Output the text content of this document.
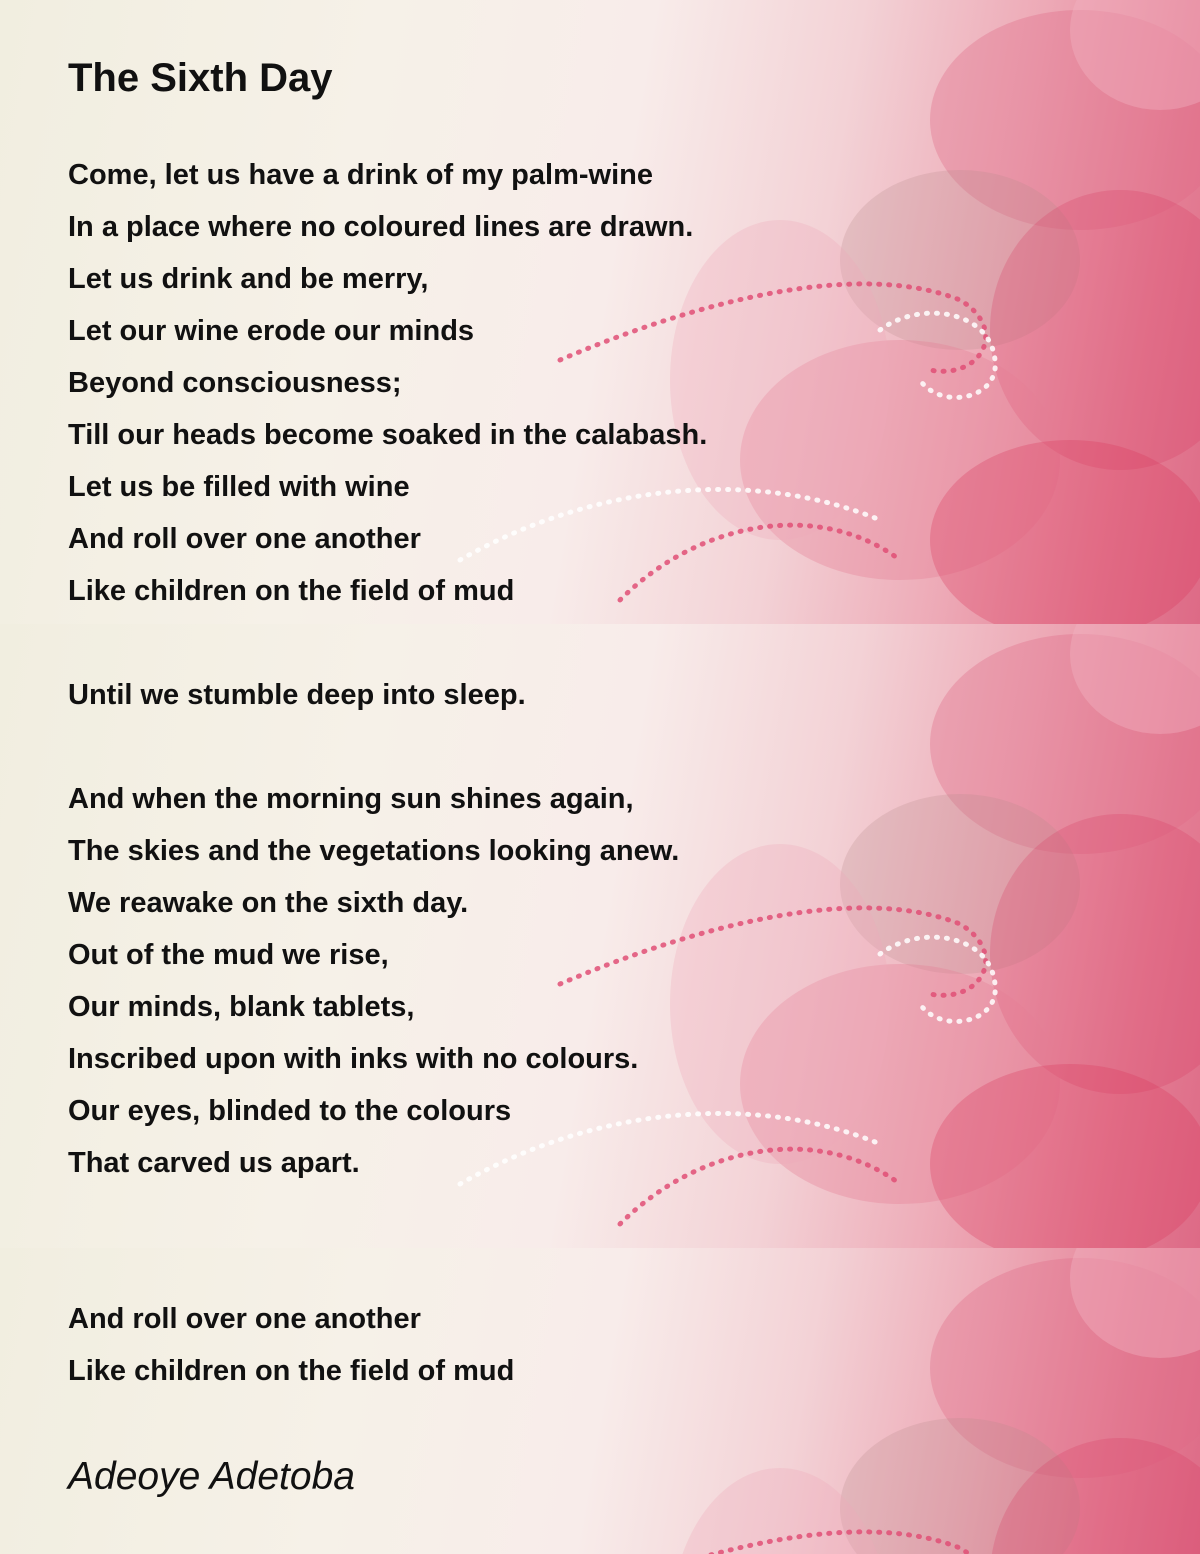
The Sixth Day
Come, let us have a drink of my palm-wine
In a place where no coloured lines are drawn.
Let us drink and be merry,
Let our wine erode our minds
Beyond consciousness;
Till our heads become soaked in the calabash.
Let us be filled with wine
And roll over one another
Like children on the field of mud
Until we stumble deep into sleep.
And when the morning sun shines again,
The skies and the vegetations looking anew.
We reawake on the sixth day.
Out of the mud we rise,
Our minds, blank tablets,
Inscribed upon with inks with no colours.
Our eyes, blinded to the colours
That carved us apart.
And roll over one another
Like children on the field of mud

Adeoye Adetoba
